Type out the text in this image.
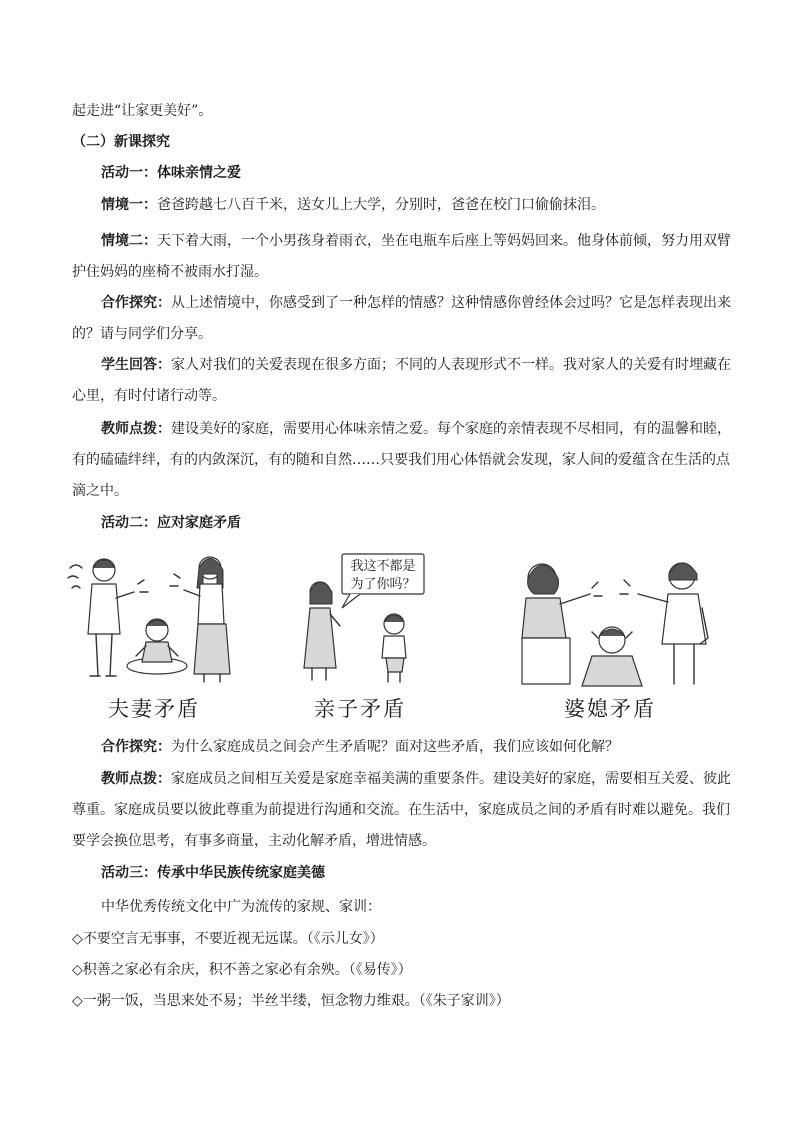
起走进“让家更美好”。

（二）新课探究

活动一：体味亲情之爱

情境一：爸爸跨越七八百千米，送女儿上大学，分别时，爸爸在校门口偷偷抹泪。

情境二：天下着大雨，一个小男孩身着雨衣，坐在电瓶车后座上等妈妈回来。他身体前倾，努力用双臂护住妈妈的座椅不被雨水打湿。

合作探究：从上述情境中，你感受到了一种怎样的情感？这种情感你曾经体会过吗？它是怎样表现出来的？请与同学们分享。

学生回答：家人对我们的关爱表现在很多方面；不同的人表现形式不一样。我对家人的关爱有时埋藏在心里，有时付诸行动等。

教师点拨：建设美好的家庭，需要用心体味亲情之爱。每个家庭的亲情表现不尽相同，有的温馨和睦，有的磕磕绊绊，有的内敛深沉，有的随和自然……只要我们用心体悟就会发现，家人间的爱蕴含在生活的点滴之中。

活动二：应对家庭矛盾

我这不都是
为了你吗？
夫妻矛盾	亲子矛盾	婆媳矛盾

合作探究：为什么家庭成员之间会产生矛盾呢？面对这些矛盾，我们应该如何化解？

教师点拨：家庭成员之间相互关爱是家庭幸福美满的重要条件。建设美好的家庭，需要相互关爱、彼此尊重。家庭成员要以彼此尊重为前提进行沟通和交流。在生活中，家庭成员之间的矛盾有时难以避免。我们要学会换位思考，有事多商量，主动化解矛盾，增进情感。

活动三：传承中华民族传统家庭美德

中华优秀传统文化中广为流传的家规、家训：

◇不要空言无事事，不要近视无远谋。（《示儿女》）

◇积善之家必有余庆，积不善之家必有余殃。（《易传》）

◇一粥一饭，当思来处不易；半丝半缕，恒念物力维艰。（《朱子家训》）
